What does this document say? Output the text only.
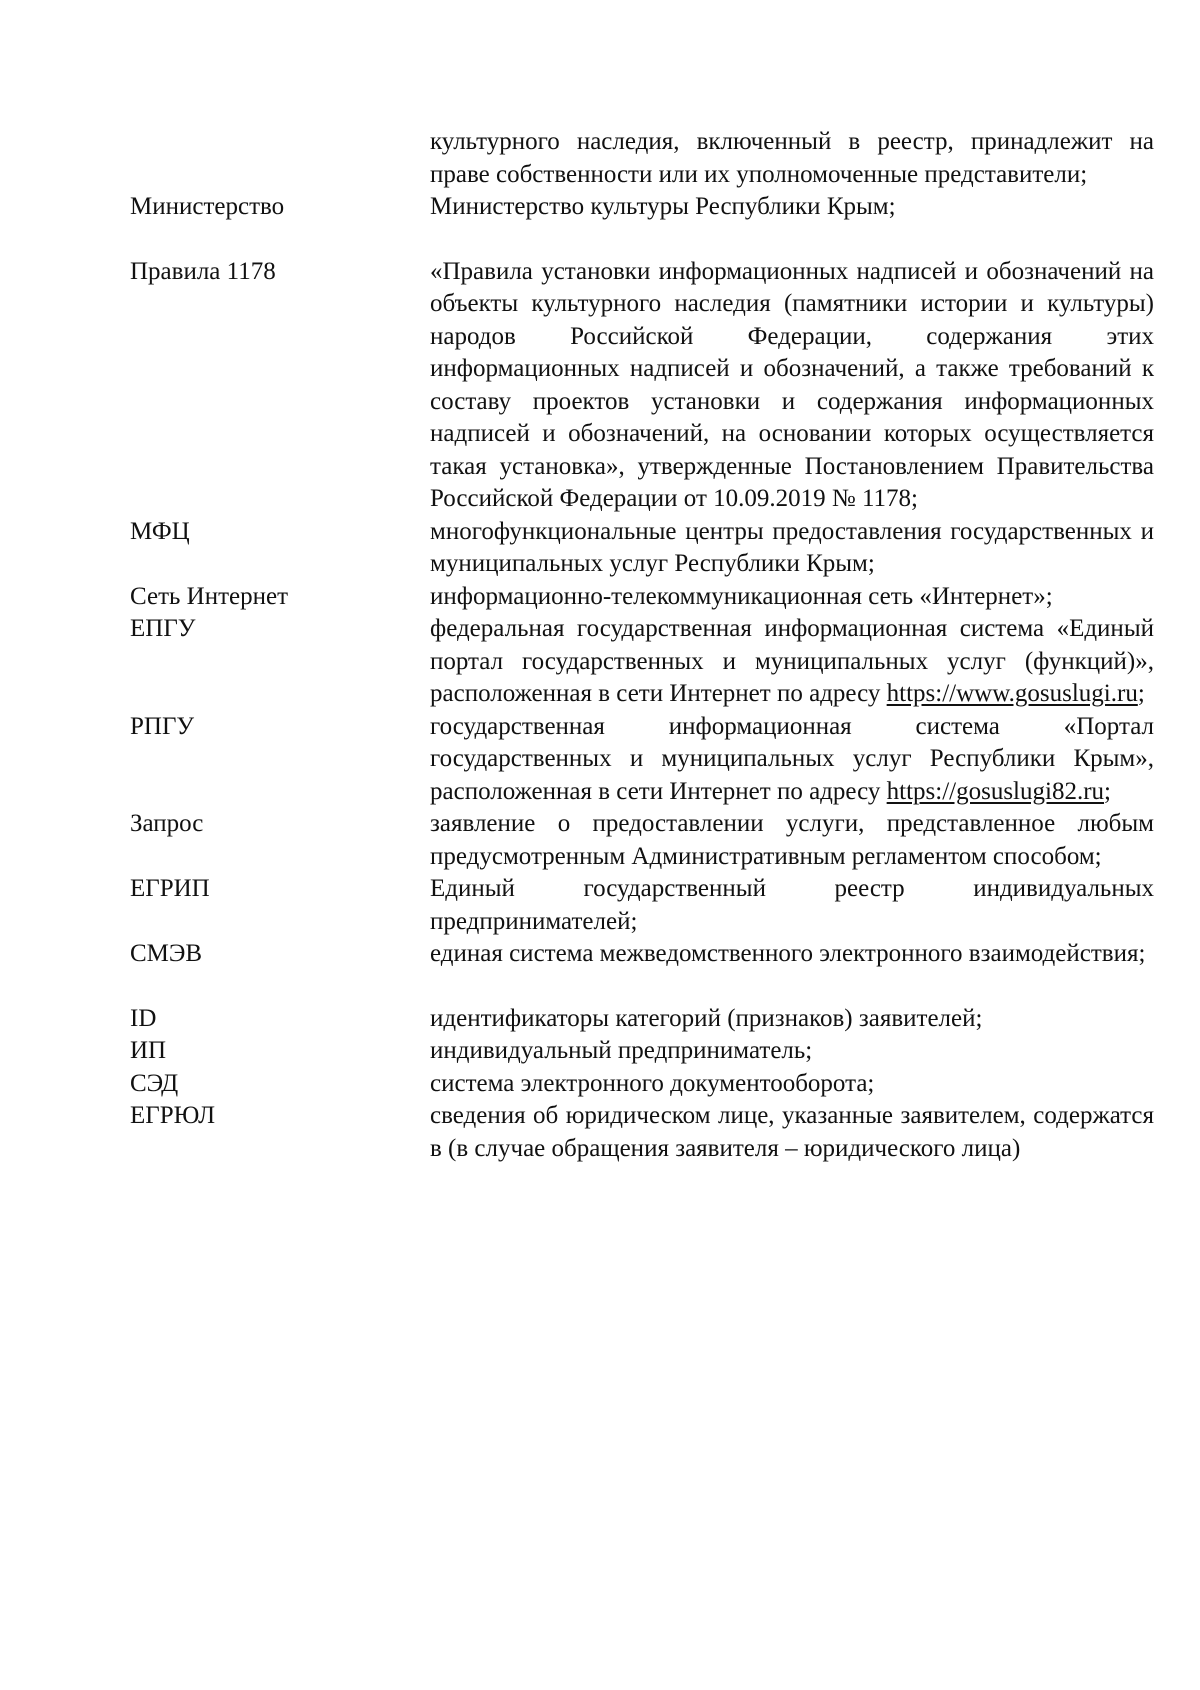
культурного наследия, включенный в реестр, принадлежит на праве собственности или их уполномоченные представители;
Министерство	Министерство культуры Республики Крым;
Правила 1178	«Правила установки информационных надписей и обозначений на объекты культурного наследия (памятники истории и культуры) народов Российской Федерации, содержания этих информационных надписей и обозначений, а также требований к составу проектов установки и содержания информационных надписей и обозначений, на основании которых осуществляется такая установка», утвержденные Постановлением Правительства Российской Федерации от 10.09.2019 № 1178;
МФЦ	многофункциональные центры предоставления государственных и муниципальных услуг Республики Крым;
Сеть Интернет	информационно-телекоммуникационная сеть «Интернет»;
ЕПГУ	федеральная государственная информационная система «Единый портал государственных и муниципальных услуг (функций)», расположенная в сети Интернет по адресу https://www.gosuslugi.ru;
РПГУ	государственная информационная система «Портал государственных и муниципальных услуг Республики Крым», расположенная в сети Интернет по адресу https://gosuslugi82.ru;
Запрос	заявление о предоставлении услуги, представленное любым предусмотренным Административным регламентом способом;
ЕГРИП	Единый государственный реестр индивидуальных предпринимателей;
СМЭВ	единая система межведомственного электронного взаимодействия;
ID	идентификаторы категорий (признаков) заявителей;
ИП	индивидуальный предприниматель;
СЭД	система электронного документооборота;
ЕГРЮЛ	сведения об юридическом лице, указанные заявителем, содержатся в (в случае обращения заявителя – юридического лица)
